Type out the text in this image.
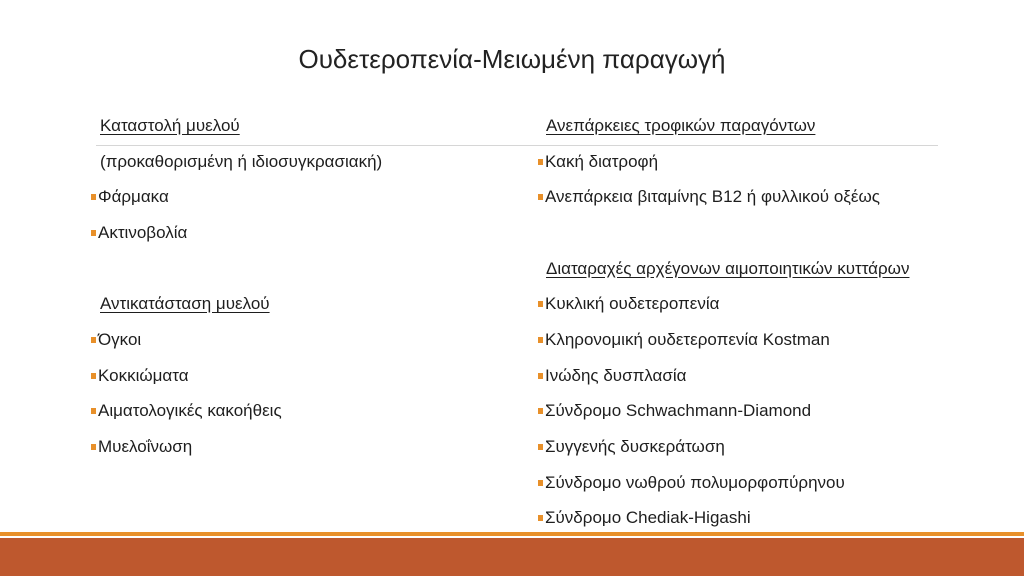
Ουδετεροπενία-Μειωμένη παραγωγή
Καταστολή μυελού
(προκαθορισμένη ή ιδιοσυγκρασιακή)
Φάρμακα
Ακτινοβολία
Αντικατάσταση μυελού
Όγκοι
Κοκκιώματα
Αιματολογικές κακοήθεις
Μυελοΐνωση
Ανεπάρκειες τροφικών παραγόντων
Κακή διατροφή
Ανεπάρκεια βιταμίνης Β12 ή φυλλικού οξέως
Διαταραχές αρχέγονων αιμοποιητικών κυττάρων
Κυκλική ουδετεροπενία
Κληρονομική ουδετεροπενία Kostman
Ινώδης δυσπλασία
Σύνδρομο Schwachmann-Diamond
Συγγενής δυσκεράτωση
Σύνδρομο νωθρού πολυμορφοπύρηνου
Σύνδρομο Chediak-Higashi
